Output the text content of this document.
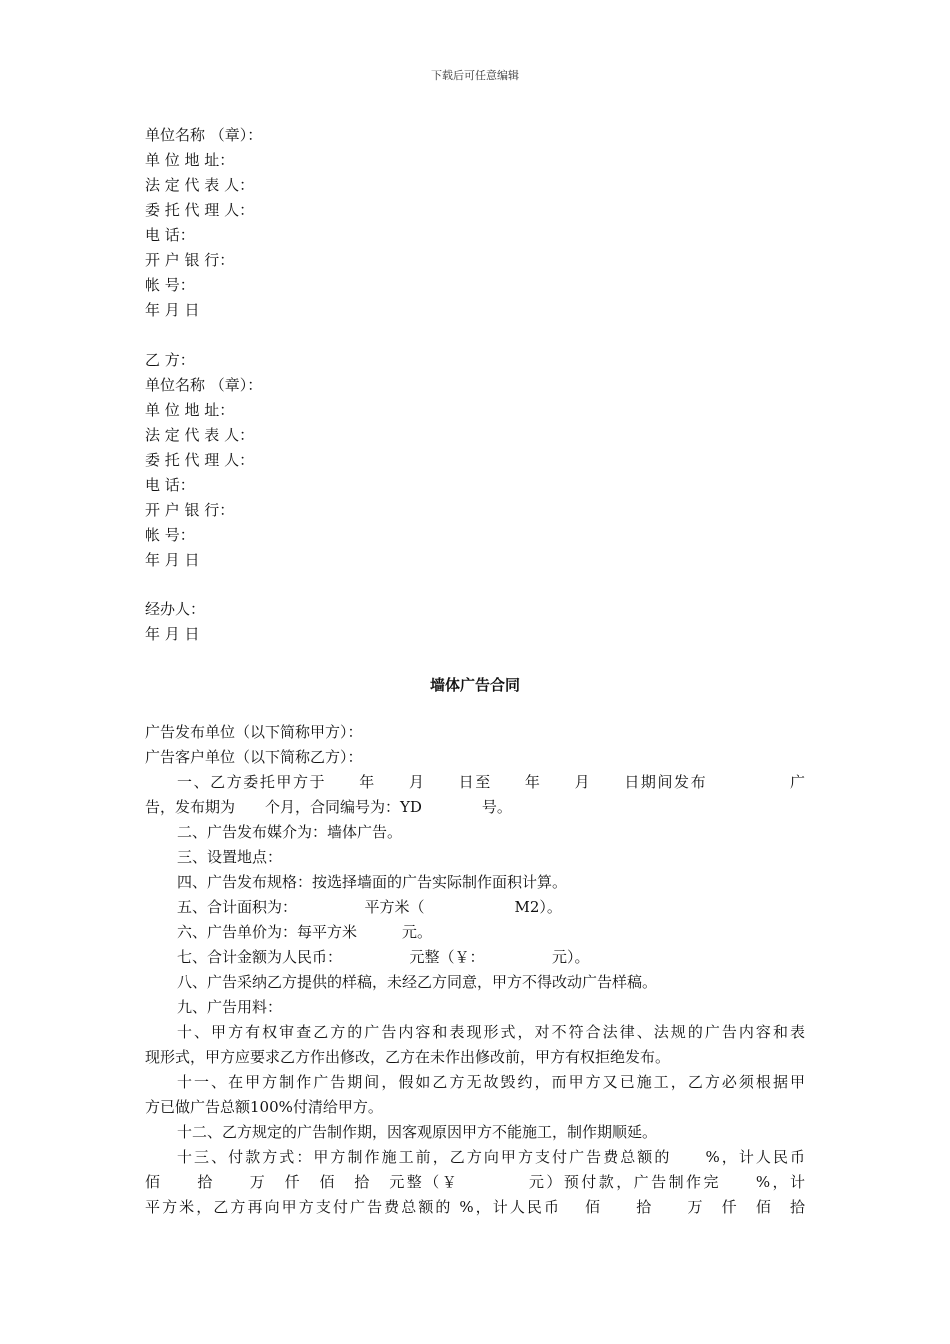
下载后可任意编辑
单位名称 （章）：
单 位 地 址：
法 定 代 表 人：
委 托 代 理 人：
电 话：
开 户 银 行：
帐 号：
年 月 日
乙 方：
单位名称 （章）：
单 位 地 址：
法 定 代 表 人：
委 托 代 理 人：
电 话：
开 户 银 行：
帐 号：
年 月 日
经办人：
年 月 日
墙体广告合同
广告发布单位（以下简称甲方）：
广告客户单位（以下简称乙方）：
一、乙方委托甲方于　　年　　月　　日至　　年　　月　　日期间发布　　　　　广
告，发布期为　　个月，合同编号为：YD　　　　号。
二、广告发布媒介为：墙体广告。
三、设置地点：
四、广告发布规格：按选择墙面的广告实际制作面积计算。
五、合计面积为：　　　　　平方米（　　　　　　M2）。
六、广告单价为：每平方米　　　元。
七、合计金额为人民币：　　　　　元整（￥：　　　　　元）。
八、广告采纳乙方提供的样稿，未经乙方同意，甲方不得改动广告样稿。
九、广告用料：
十、甲方有权审查乙方的广告内容和表现形式，对不符合法律、法规的广告内容和表
现形式，甲方应要求乙方作出修改，乙方在未作出修改前，甲方有权拒绝发布。
十一、在甲方制作广告期间，假如乙方无故毁约，而甲方又已施工，乙方必须根据甲
方已做广告总额100%付清给甲方。
十二、乙方规定的广告制作期，因客观原因甲方不能施工，制作期顺延。
十三、付款方式：甲方制作施工前，乙方向甲方支付广告费总额的　　%，计人民币
佰　　拾　　万　仟　佰　拾　元整（￥　　　　元）预付款，广告制作完　　%，计
平方米，乙方再向甲方支付广告费总额的 %，计人民币　 佰　　拾　　万　仟　佰　拾
